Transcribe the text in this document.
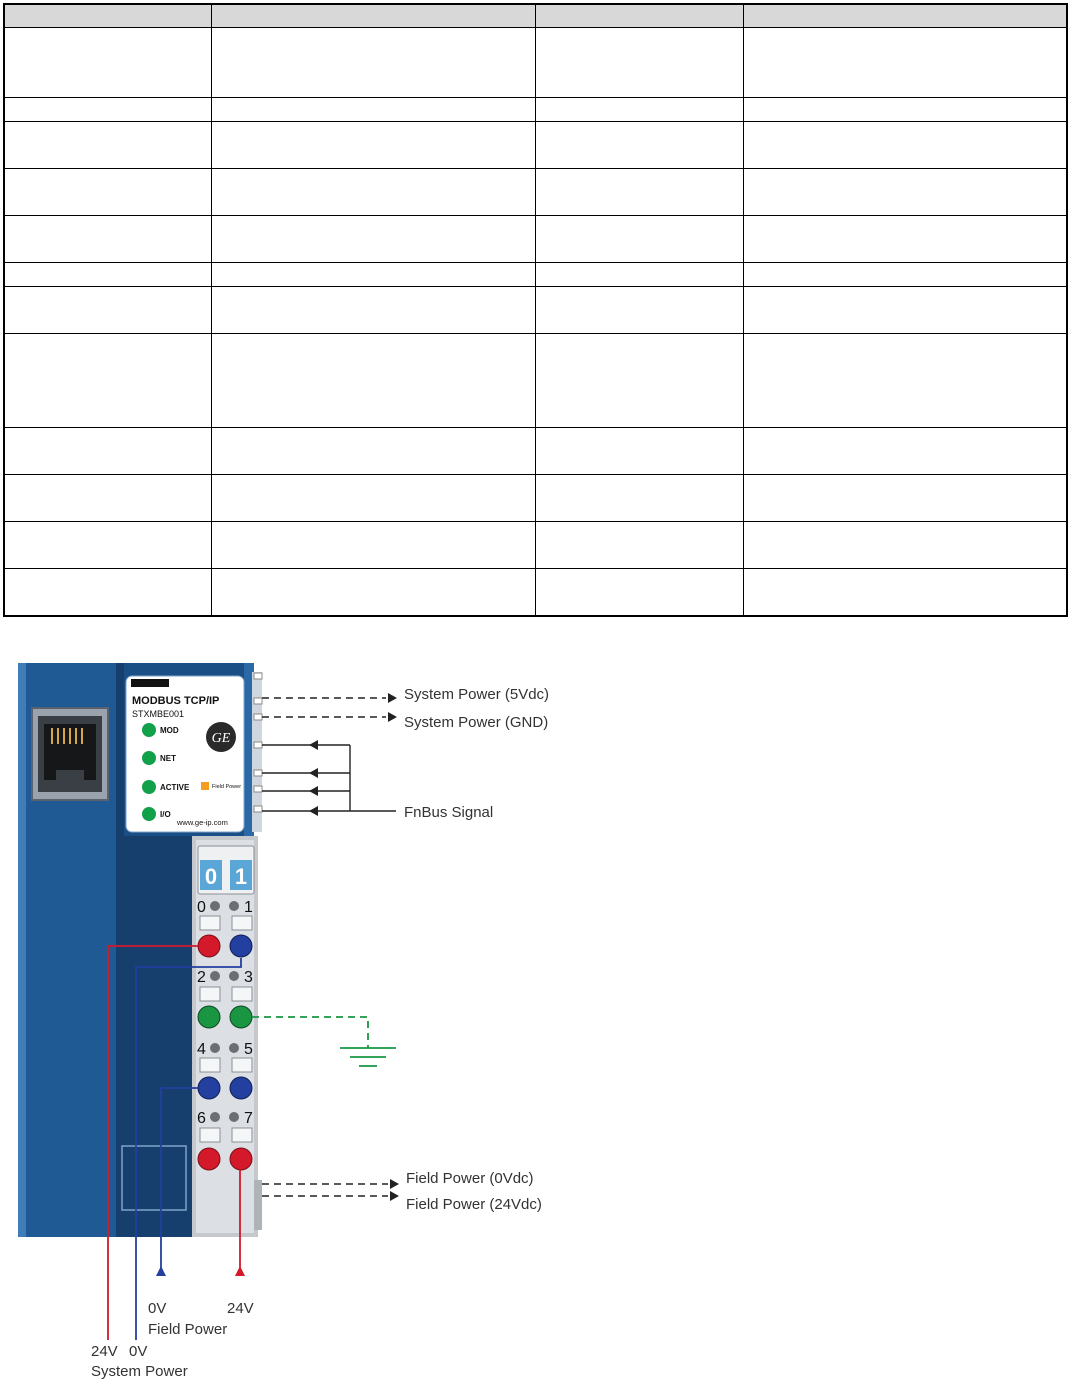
MODBUS TCP/IP
STXMBE001
GE
MOD
NET
ACTIVE	Field Power
I/O
www.ge-ip.com
0 1
0 1
2 3
4 5
6 7
System Power (5Vdc)
System Power (GND)
FnBus Signal
Field Power (0Vdc)
Field Power (24Vdc)
0V	24V
Field Power
24V 0V
System Power
